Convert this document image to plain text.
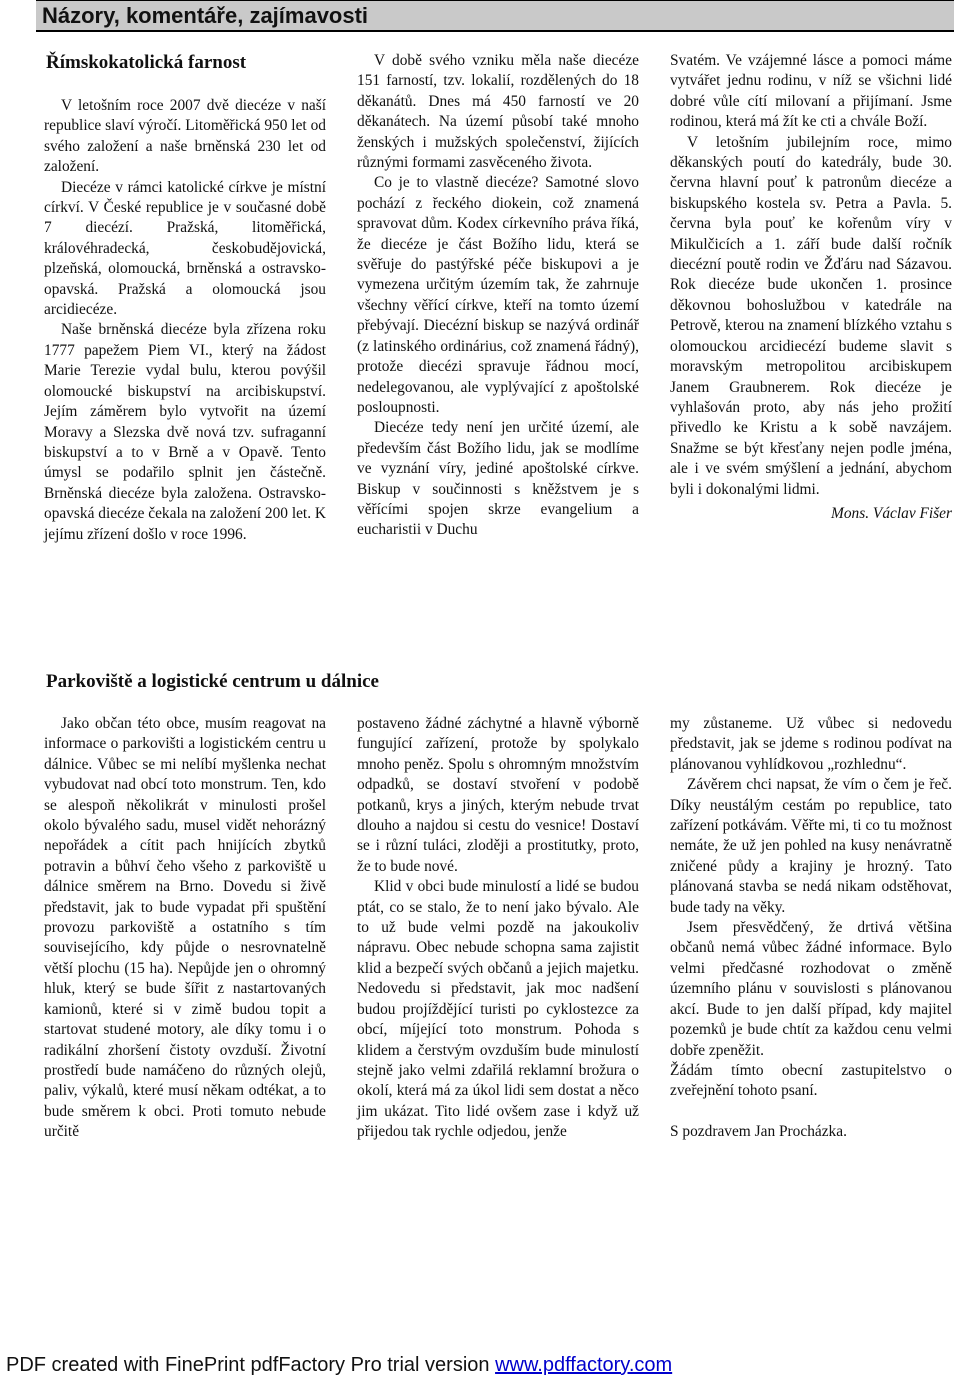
Názory, komentáře, zajímavosti
Římskokatolická farnost

V letošním roce 2007 dvě diecéze v naší republice slaví výročí. Litoměřická 950 let od svého založení a naše brněnská 230 let od založení.

Diecéze v rámci katolické církve je místní církví. V České republice je v současné době 7 diecézí. Pražská, litoměřická, královéhradecká, českobudějovická, plzeňská, olomoucká, brněnská a ostravsko-opavská. Pražská a olomoucká jsou arcidiecéze.

Naše brněnská diecéze byla zřízena roku 1777 papežem Piem VI., který na žádost Marie Terezie vydal bulu, kterou povýšil olomoucké biskupství na arcibiskupství. Jejím záměrem bylo vytvořit na území Moravy a Slezska dvě nová tzv. sufraganní biskupství a to v Brně a v Opavě. Tento úmysl se podařilo splnit jen částečně. Brněnská diecéze byla založena. Ostravsko-opavská diecéze čekala na založení 200 let. K jejímu zřízení došlo v roce 1996.

V době svého vzniku měla naše diecéze 151 farností, tzv. lokalií, rozdělených do 18 děkanátů. Dnes má 450 farností ve 20 děkanátech. Na území působí také mnoho ženských i mužských společenství, žijících různými formami zasvěceného života.

Co je to vlastně diecéze? Samotné slovo pochází z řeckého diokein, což znamená spravovat dům. Kodex církevního práva říká, že diecéze je část Božího lidu, která se svěřuje do pastýřské péče biskupovi a je vymezena určitým územím tak, že zahrnuje všechny věřící církve, kteří na tomto území přebývají. Diecézní biskup se nazývá ordinář (z latinského ordinárius, což znamená řádný), protože diecézi spravuje řádnou mocí, nedelegovanou, ale vyplývající z apoštolské posloupnosti.

Diecéze tedy není jen určité území, ale především část Božího lidu, jak se modlíme ve vyznání víry, jediné apoštolské církve. Biskup v součinnosti s kněžstvem je s věřícími spojen skrze evangelium a eucharistii v Duchu

Svatém. Ve vzájemné lásce a pomoci máme vytvářet jednu rodinu, v níž se všichni lidé dobré vůle cítí milovaní a přijímaní. Jsme rodinou, která má žít ke cti a chvále Boží.

V letošním jubilejním roce, mimo děkanských poutí do katedrály, bude 30. června hlavní pouť k patronům diecéze a biskupského kostela sv. Petra a Pavla. 5. června byla pouť ke kořenům víry v Mikulčicích a 1. září bude další ročník diecézní poutě rodin ve Žďáru nad Sázavou. Rok diecéze bude ukončen 1. prosince děkovnou bohoslužbou v katedrále na Petrově, kterou na znamení blízkého vztahu s olomouckou arcidiecézí budeme slavit s moravským metropolitou arcibiskupem Janem Graubnerem. Rok diecéze je vyhlašován proto, aby nás jeho prožití přivedlo ke Kristu a k sobě navzájem. Snažme se být křesťany nejen podle jména, ale i ve svém smýšlení a jednání, abychom byli i dokonalými lidmi.

Mons. Václav Fišer
Parkoviště a logistické centrum u dálnice

Jako občan této obce, musím reagovat na informace o parkovišti a logistickém centru u dálnice. Vůbec se mi nelíbí myšlenka nechat vybudovat nad obcí toto monstrum. Ten, kdo se alespoň několikrát v minulosti prošel okolo bývalého sadu, musel vidět nehorázný nepořádek a cítit pach hnijících zbytků potravin a bůhví čeho všeho z parkoviště u dálnice směrem na Brno. Dovedu si živě představit, jak to bude vypadat při spuštění provozu parkoviště a ostatního s tím souvisejícího, kdy půjde o nesrovnatelně větší plochu (15 ha). Nepůjde jen o ohromný hluk, který se bude šířit z nastartovaných kamionů, které si v zimě budou topit a startovat studené motory, ale díky tomu i o radikální zhoršení čistoty ovzduší. Životní prostředí bude namáčeno do různých olejů, paliv, výkalů, které musí někam odtékat, a to bude směrem k obci. Proti tomuto nebude určitě

postaveno žádné záchytné a hlavně výborně fungující zařízení, protože by spolykalo mnoho peněz. Spolu s ohromným množstvím odpadků, se dostaví stvoření v podobě potkanů, krys a jiných, kterým nebude trvat dlouho a najdou si cestu do vesnice! Dostaví se i různí tuláci, zloději a prostitutky, proto, že to bude nové.

Klid v obci bude minulostí a lidé se budou ptát, co se stalo, že to není jako bývalo. Ale to už bude velmi pozdě na jakoukoliv nápravu. Obec nebude schopna sama zajistit klid a bezpečí svých občanů a jejich majetku. Nedovedu si představit, jak moc nadšení budou projíždějící turisti po cyklostezce za obcí, míjející toto monstrum. Pohoda s klidem a čerstvým ovzduším bude minulostí stejně jako velmi zdařilá reklamní brožura o okolí, která má za úkol lidi sem dostat a něco jim ukázat. Tito lidé ovšem zase i když už přijedou tak rychle odjedou, jenže

my zůstaneme. Už vůbec si nedovedu představit, jak se jdeme s rodinou podívat na plánovanou vyhlídkovou „rozhlednu“.

Závěrem chci napsat, že vím o čem je řeč. Díky neustálým cestám po republice, tato zařízení potkávám. Věřte mi, ti co tu možnost nemáte, že už jen pohled na kusy nenávratně zničené půdy a krajiny je hrozný. Tato plánovaná stavba se nedá nikam odstěhovat, bude tady na věky.

Jsem přesvědčený, že drtivá většina občanů nemá vůbec žádné informace. Bylo velmi předčasné rozhodovat o změně územního plánu v souvislosti s plánovanou akcí. Bude to jen další případ, kdy majitel pozemků je bude chtít za každou cenu velmi dobře zpeněžit.

Žádám tímto obecní zastupitelstvo o zveřejnění tohoto psaní.

S pozdravem Jan Procházka.

PDF created with FinePrint pdfFactory Pro trial version www.pdffactory.com
